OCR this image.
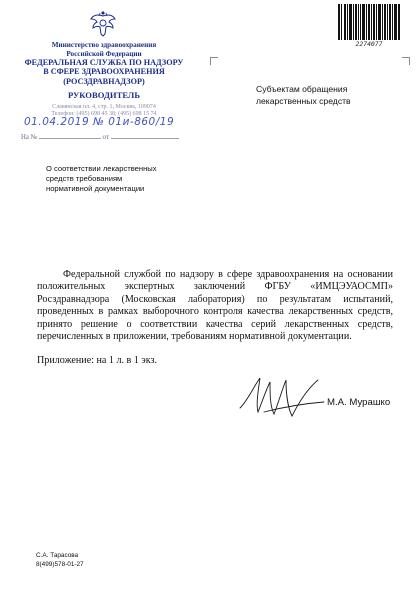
Министерство здравоохранения
Российской Федерации
ФЕДЕРАЛЬНАЯ СЛУЖБА ПО НАДЗОРУ
В СФЕРЕ ЗДРАВООХРАНЕНИЯ
(РОСЗДРАВНАДЗОР)
РУКОВОДИТЕЛЬ
Славянская пл. 4, стр. 1, Москва, 109074
Телефон: (495) 698 45 38; (495) 698 15 74
01.04.2019 № 01и-860/19
На №	от
О соответствии лекарственных
средств требованиям
нормативной документации
2274077
Субъектам обращения
лекарственных средств
Федеральной службой по надзору в сфере здравоохранения на основании положительных экспертных заключений ФГБУ «ИМЦЭУАОСМП» Росздравнадзора (Московская лаборатория) по результатам испытаний, проведенных в рамках выборочного контроля качества лекарственных средств, принято решение о соответствии качества серий лекарственных средств, перечисленных в приложении, требованиям нормативной документации.
Приложение: на 1 л. в 1 экз.
М.А. Мурашко
С.А. Тарасова
8(499)578-01-27
